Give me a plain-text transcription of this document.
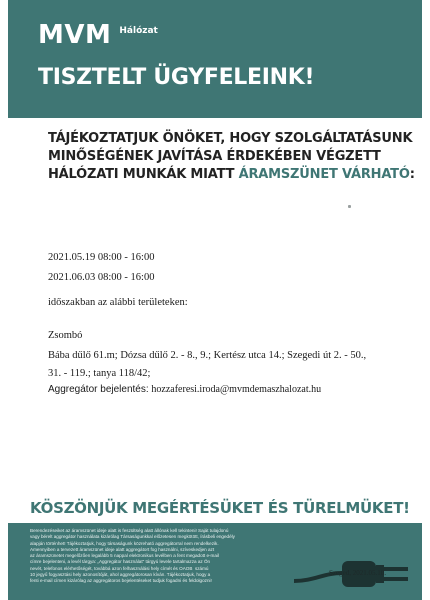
MVM Hálózat
TISZTELT ÜGYFELEINK!
TÁJÉKOZTATJUK ÖNÖKET, HOGY SZOLGÁLTATÁSUNK
MINŐSÉGÉNEK JAVÍTÁSA ÉRDEKÉBEN VÉGZETT
HÁLÓZATI MUNKÁK MIATT ÁRAMSZÜNET VÁRHATÓ:
2021.05.19 08:00 - 16:00
2021.06.03 08:00 - 16:00
időszakban az alábbi területeken:
Zsombó
Bába dűlő 61.m; Dózsa dűlő 2. - 8., 9.; Kertész utca 14.; Szegedi út 2. - 50.,
31. - 119.; tanya 118/42;
Aggregátor bejelentés: hozzaferesi.iroda@mvmdemaszhalozat.hu
KÖSZÖNJÜK MEGÉRTÉSÜKET ÉS TÜRELMÜKET!
Berendezéseiket az áramszünet ideje alatt is feszültség alatt állónak kell tekinteni! Saját tulajdonú
vagy bérelt aggregátor használata kizárólag Társaságunkkal előzetesen megkötött, írásbeli engedély
alapján történhet! Tájékoztatjuk, hogy társaságunk közreható aggregátorral nem rendelkezik.
Amennyiben a tervezett áramszünet ideje alatt aggregátort fog használni, szíveskedjen azt
az áramszünetet megelőzően legalább 5 nappal elektronikus levélben a fent megadott e-mail
címre bejelenteni, a levél tárgya: „Aggregátor használat" tárgyú levele tartalmazza az Ön
nevét, telefonos elérhetőségét, továbbá azon felhasználási hely címét és OAOB  számú
10 jegyű fogyasztási hely azonosítóját, ahol aggregátorosan kíván. Tájékoztatjuk, hogy a
fenti e-mail címen kizárólag az aggregátoros bejelentéseket tudjuk fogadni és feldolgozni!
Szeged, 2021.05.10.
